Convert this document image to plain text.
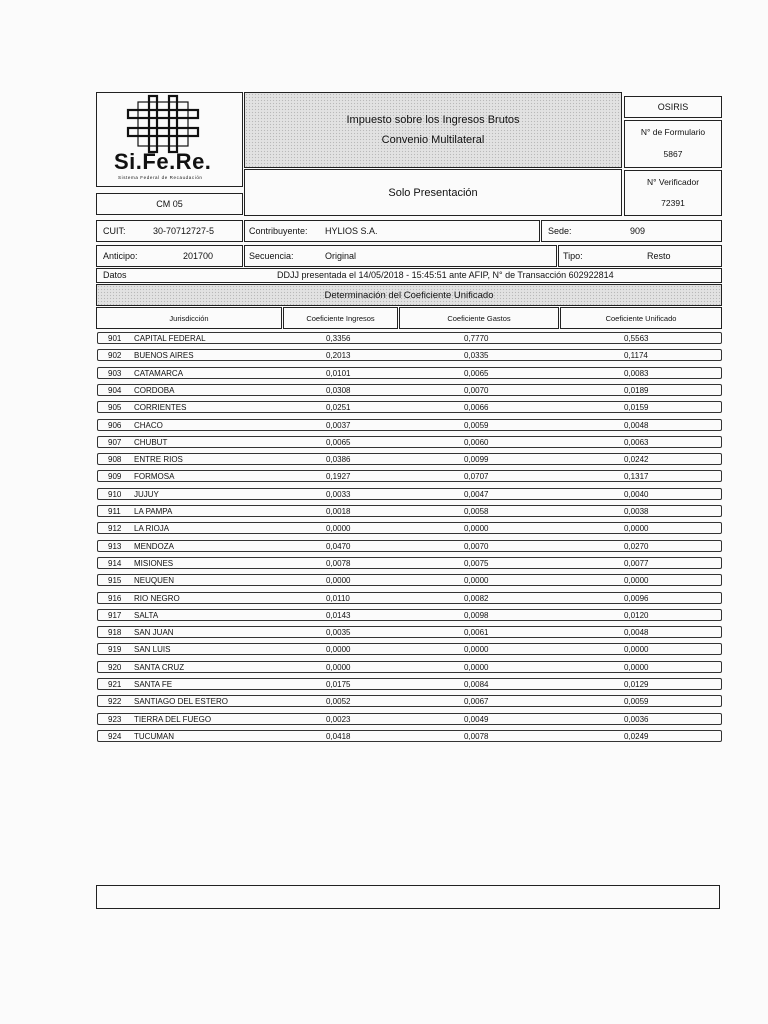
Si.Fe.Re.
Sistema Federal de Recaudación
Impuesto sobre los Ingresos Brutos
Convenio Multilateral
Solo Presentación
CM 05
OSIRIS
N° de Formulario
5867
N° Verificador
72391
CUIT:	30-70712727-5	Contribuyente: HYLIOS S.A.	Sede:	909
Anticipo:	201700	Secuencia:	Original	Tipo:	Resto
Datos	DDJJ presentada el 14/05/2018 - 15:45:51 ante AFIP, N° de Transacción 602922814
Determinación del Coeficiente Unificado
Jurisdicción	Coeficiente Ingresos	Coeficiente Gastos	Coeficiente Unificado
901 CAPITAL FEDERAL	0,3356	0,7770	0,5563
902 BUENOS AIRES	0,2013	0,0335	0,1174
903 CATAMARCA	0,0101	0,0065	0,0083
904 CORDOBA	0,0308	0,0070	0,0189
905 CORRIENTES	0,0251	0,0066	0,0159
906 CHACO	0,0037	0,0059	0,0048
907 CHUBUT	0,0065	0,0060	0,0063
908 ENTRE RIOS	0,0386	0,0099	0,0242
909 FORMOSA	0,1927	0,0707	0,1317
910 JUJUY	0,0033	0,0047	0,0040
911 LA PAMPA	0,0018	0,0058	0,0038
912 LA RIOJA	0,0000	0,0000	0,0000
913 MENDOZA	0,0470	0,0070	0,0270
914 MISIONES	0,0078	0,0075	0,0077
915 NEUQUEN	0,0000	0,0000	0,0000
916 RIO NEGRO	0,0110	0,0082	0,0096
917 SALTA	0,0143	0,0098	0,0120
918 SAN JUAN	0,0035	0,0061	0,0048
919 SAN LUIS	0,0000	0,0000	0,0000
920 SANTA CRUZ	0,0000	0,0000	0,0000
921 SANTA FE	0,0175	0,0084	0,0129
922 SANTIAGO DEL ESTERO	0,0052	0,0067	0,0059
923 TIERRA DEL FUEGO	0,0023	0,0049	0,0036
924 TUCUMAN	0,0418	0,0078	0,0249
